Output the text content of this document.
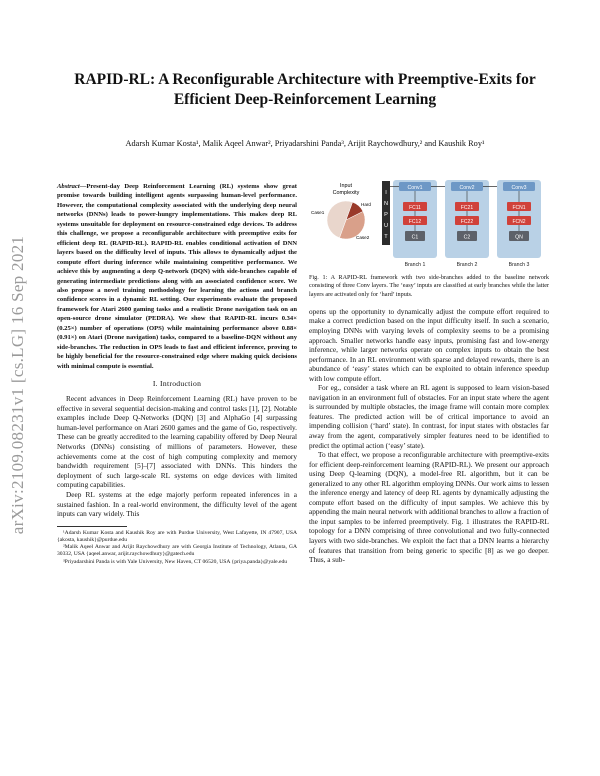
arXiv:2109.08231v1 [cs.LG] 16 Sep 2021
RAPID-RL: A Reconfigurable Architecture with Preemptive-Exits for
Efficient Deep-Reinforcement Learning
Adarsh Kumar Kosta¹, Malik Aqeel Anwar², Priyadarshini Panda³, Arijit Raychowdhury,² and Kaushik Roy¹

Abstract—Present-day Deep Reinforcement Learning (RL) systems show great promise towards building intelligent agents surpassing human-level performance. However, the computational complexity associated with the underlying deep neural networks (DNNs) leads to power-hungry implementations. This makes deep RL systems unsuitable for deployment on resource-constrained edge devices. To address this challenge, we propose a reconfigurable architecture with preemptive exits for efficient deep RL (RAPID-RL). RAPID-RL enables conditional activation of DNN layers based on the difficulty level of inputs. This allows to dynamically adjust the compute effort during inference while maintaining competitive performance. We achieve this by augmenting a deep Q-network (DQN) with side-branches capable of generating intermediate predictions along with an associated confidence score. We also propose a novel training methodology for learning the actions and branch confidence scores in a dynamic RL setting. Our experiments evaluate the proposed framework for Atari 2600 gaming tasks and a realistic Drone navigation task on an open-source drone simulator (PEDRA). We show that RAPID-RL incurs 0.34× (0.25×) number of operations (OPS) while maintaining performance above 0.88× (0.91×) on Atari (Drone navigation) tasks, compared to a baseline-DQN without any side-branches. The reduction in OPS leads to fast and efficient inference, proving to be highly beneficial for the resource-constrained edge where making quick decisions with minimal compute is essential.

I. Introduction

Recent advances in Deep Reinforcement Learning (RL) have proven to be effective in several sequential decision-making and control tasks [1], [2]. Notable examples include Deep Q-Networks (DQN) [3] and AlphaGo [4] surpassing human-level performance on Atari 2600 games and the game of Go, respectively. These can be greatly accredited to the learning capability offered by Deep Neural Networks (DNNs) consisting of millions of parameters. However, these achievements come at the cost of high computing complexity and memory bandwidth requirement [5]–[7] associated with DNNs. This hinders the deployment of such large-scale RL systems on edge devices with limited computing capabilities.

Deep RL systems at the edge majorly perform repeated inferences in a sustained fashion. In a real-world environment, the difficulty level of the agent inputs can vary widely. This

¹Adarsh Kumar Kosta and Kaushik Roy are with Purdue University, West Lafayette, IN 47907, USA {akosta, kaushik}@purdue.edu

²Malik Aqeel Anwar and Arijit Raychowdhury are with Georgia Institute of Technology, Atlanta, GA 30332, USA {aqeel.anwar, arijit.raychowdhury}@gatech.edu

³Priyadarshini Panda is with Yale University, New Haven, CT 06520, USA {priya.panda}@yale.edu

Input
Complexity
Hard
Case1
Case2
I
N
P
U
T
Conv1
FC11
FC12
C1
Branch 1
Conv2
FC21
FC22
C2
Branch 2
Conv3
FCN1
FCN2
QN
Branch 3

Fig. 1: A RAPID-RL framework with two side-branches added to the baseline network consisting of three Conv layers. The ‘easy’ inputs are classified at early branches while the latter layers are activated only for ‘hard’ inputs.

opens up the opportunity to dynamically adjust the compute effort required to make a correct prediction based on the input difficulty itself. In such a scenario, employing DNNs with varying levels of complexity seems to be a promising approach. Smaller networks handle easy inputs, promising fast and low-energy inference, while larger networks operate on complex inputs to obtain the best performance. In an RL environment with sparse and delayed rewards, there is an abundance of ‘easy’ states which can be exploited to obtain inference speedup with low compute effort.

For eg., consider a task where an RL agent is supposed to learn vision-based navigation in an environment full of obstacles. For an input state where the agent is surrounded by multiple obstacles, the image frame will contain more complex features. The predicted action will be of critical importance to avoid an impending collision (‘hard’ state). In contrast, for input states with obstacles far away from the agent, comparatively simpler features need to be identified to predict the optimal action (‘easy’ state).

To that effect, we propose a reconfigurable architecture with preemptive-exits for efficient deep-reinforcement learning (RAPID-RL). We present our approach using Deep Q-learning (DQN), a model-free RL algorithm, but it can be generalized to any other RL algorithm employing DNNs. Our work aims to lessen the inference energy and latency of deep RL agents by dynamically adjusting the compute effort based on the difficulty of input samples. We achieve this by appending the main neural network with additional branches to allow a fraction of the input samples to be inferred preemptively. Fig. 1 illustrates the RAPID-RL topology for a DNN comprising of three convolutional and two fully-connected layers with two side-branches. We exploit the fact that a DNN learns a hierarchy of features that transition from being generic to specific [8] as we go deeper. Thus, a sub-
